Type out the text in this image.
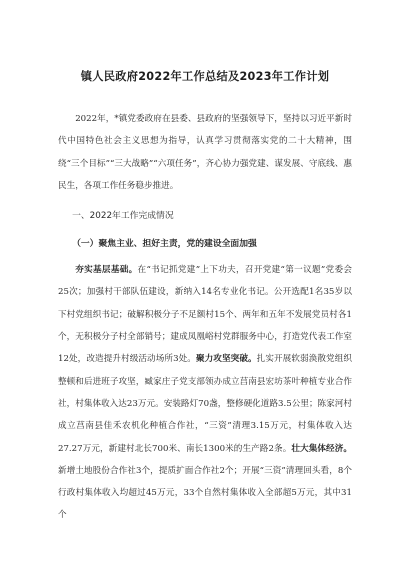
镇人民政府2022年工作总结及2023年工作计划

2022年，*镇党委政府在县委、县政府的坚强领导下，坚持以习近平新时代中国特色社会主义思想为指导，认真学习贯彻落实党的二十大精神，围绕“三个目标”“三大战略”“六项任务”，齐心协力强党建、谋发展、守底线、惠民生，各项工作任务稳步推进。

一、2022年工作完成情况
（一）聚焦主业、担好主责，党的建设全面加强

夯实基层基础。在“书记抓党建”上下功夫，召开党建“第一议题”党委会25次；加强村干部队伍建设，新纳入14名专业化书记。公开选配1名35岁以下村党组织书记；破解积极分子不足额村15个、两年和五年不发展党员村各1个，无积极分子村全部销号；建成凤凰峪村党群服务中心，打造党代表工作室12处，改造提升村级活动场所3处。聚力攻坚突破。扎实开展软弱涣散党组织整顿和后进班子攻坚，臧家庄子党支部领办成立莒南县宏坊茶叶种植专业合作社，村集体收入达23万元。安装路灯70盏，整修硬化道路3.5公里；陈家河村成立莒南县佳禾农机化种植合作社，“三资”清理3.15万元，村集体收入达27.27万元，新建村北长700米、南长1300米的生产路2条。壮大集体经济。新增土地股份合作社3个，提质扩面合作社2个；开展“三资”清理回头看，8个行政村集体收入均超过45万元，33个自然村集体收入全部超5万元，其中31个
